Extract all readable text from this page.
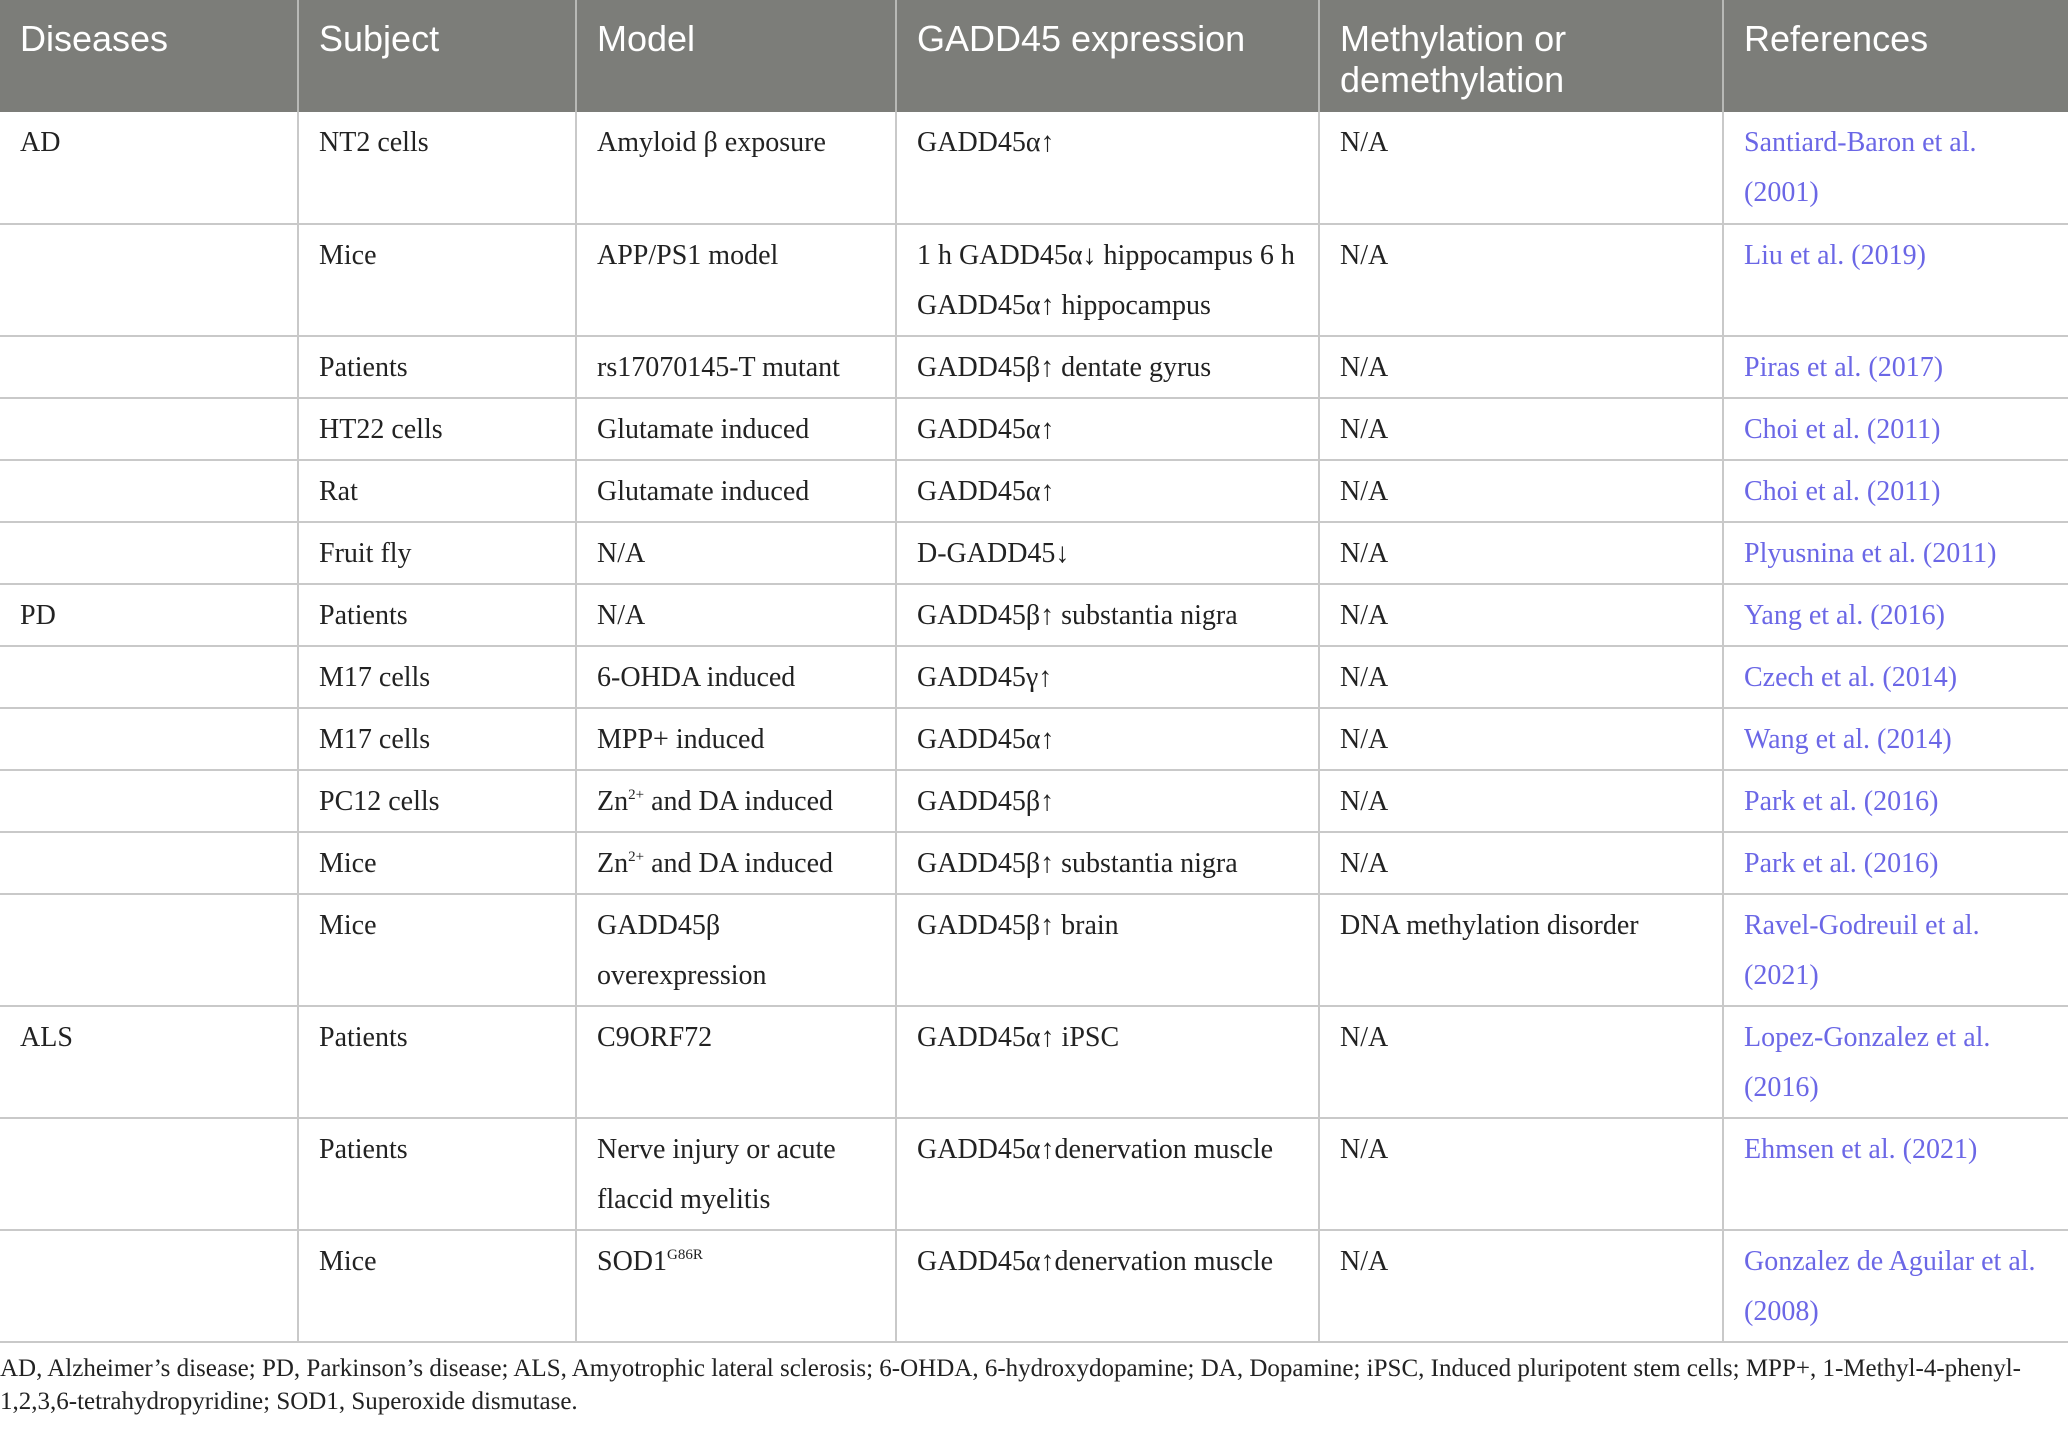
Diseases	Subject	Model	GADD45 expression	Methylation or demethylation	References
AD	NT2 cells	Amyloid β exposure	GADD45α↑	N/A	Santiard-Baron et al. (2001)
	Mice	APP/PS1 model	1 h GADD45α↓ hippocampus 6 h GADD45α↑ hippocampus	N/A	Liu et al. (2019)
	Patients	rs17070145-T mutant	GADD45β↑ dentate gyrus	N/A	Piras et al. (2017)
	HT22 cells	Glutamate induced	GADD45α↑	N/A	Choi et al. (2011)
	Rat	Glutamate induced	GADD45α↑	N/A	Choi et al. (2011)
	Fruit fly	N/A	D-GADD45↓	N/A	Plyusnina et al. (2011)
PD	Patients	N/A	GADD45β↑ substantia nigra	N/A	Yang et al. (2016)
	M17 cells	6-OHDA induced	GADD45γ↑	N/A	Czech et al. (2014)
	M17 cells	MPP+ induced	GADD45α↑	N/A	Wang et al. (2014)
	PC12 cells	$Zn^{2+}$ and DA induced	GADD45β↑	N/A	Park et al. (2016)
	Mice	$Zn^{2+}$ and DA induced	GADD45β↑ substantia nigra	N/A	Park et al. (2016)
	Mice	GADD45β overexpression	GADD45β↑ brain	DNA methylation disorder	Ravel-Godreuil et al. (2021)
ALS	Patients	C9ORF72	GADD45α↑ iPSC	N/A	Lopez-Gonzalez et al. (2016)
	Patients	Nerve injury or acute flaccid myelitis	GADD45α↑denervation muscle	N/A	Ehmsen et al. (2021)
	Mice	$SOD1^{G86R}$	GADD45α↑denervation muscle	N/A	Gonzalez de Aguilar et al. (2008)
AD, Alzheimer’s disease; PD, Parkinson’s disease; ALS, Amyotrophic lateral sclerosis; 6-OHDA, 6-hydroxydopamine; DA, Dopamine; iPSC, Induced pluripotent stem cells; MPP+, 1-Methyl-4-phenyl-1,2,3,6-tetrahydropyridine; SOD1, Superoxide dismutase.
